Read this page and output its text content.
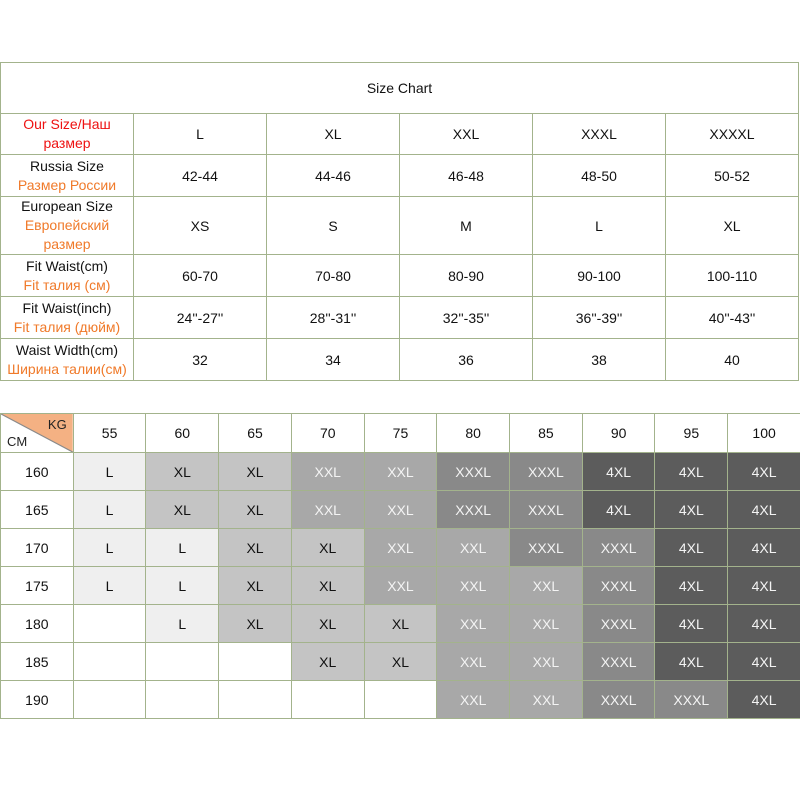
Size Chart					
Our Size/Наш размер	L	XL	XXL	XXXL	XXXXL

Russia Size
Размер России	42-44	44-46	46-48	48-50	50-52

European Size
Европейский размер	XS	S	M	L	XL

Fit Waist(cm)
Fit талия (см)	60-70	70-80	80-90	90-100	100-110

Fit Waist(inch)
Fit талия (дюйм)	24''-27''	28''-31''	32''-35''	36''-39''	40''-43''

Waist Width(cm)
Ширина талии(см)	32	34	36	38	40
KG
CM	55	60	65	70	75	80	85	90	95	100
160	L	XL	XL	XXL	XXL	XXXL	XXXL	4XL	4XL	4XL
165	L	XL	XL	XXL	XXL	XXXL	XXXL	4XL	4XL	4XL
170	L	L	XL	XL	XXL	XXL	XXXL	XXXL	4XL	4XL
175	L	L	XL	XL	XXL	XXL	XXL	XXXL	4XL	4XL
180		L	XL	XL	XL	XXL	XXL	XXXL	4XL	4XL
185				XL	XL	XXL	XXL	XXXL	4XL	4XL
190						XXL	XXL	XXXL	XXXL	4XL
